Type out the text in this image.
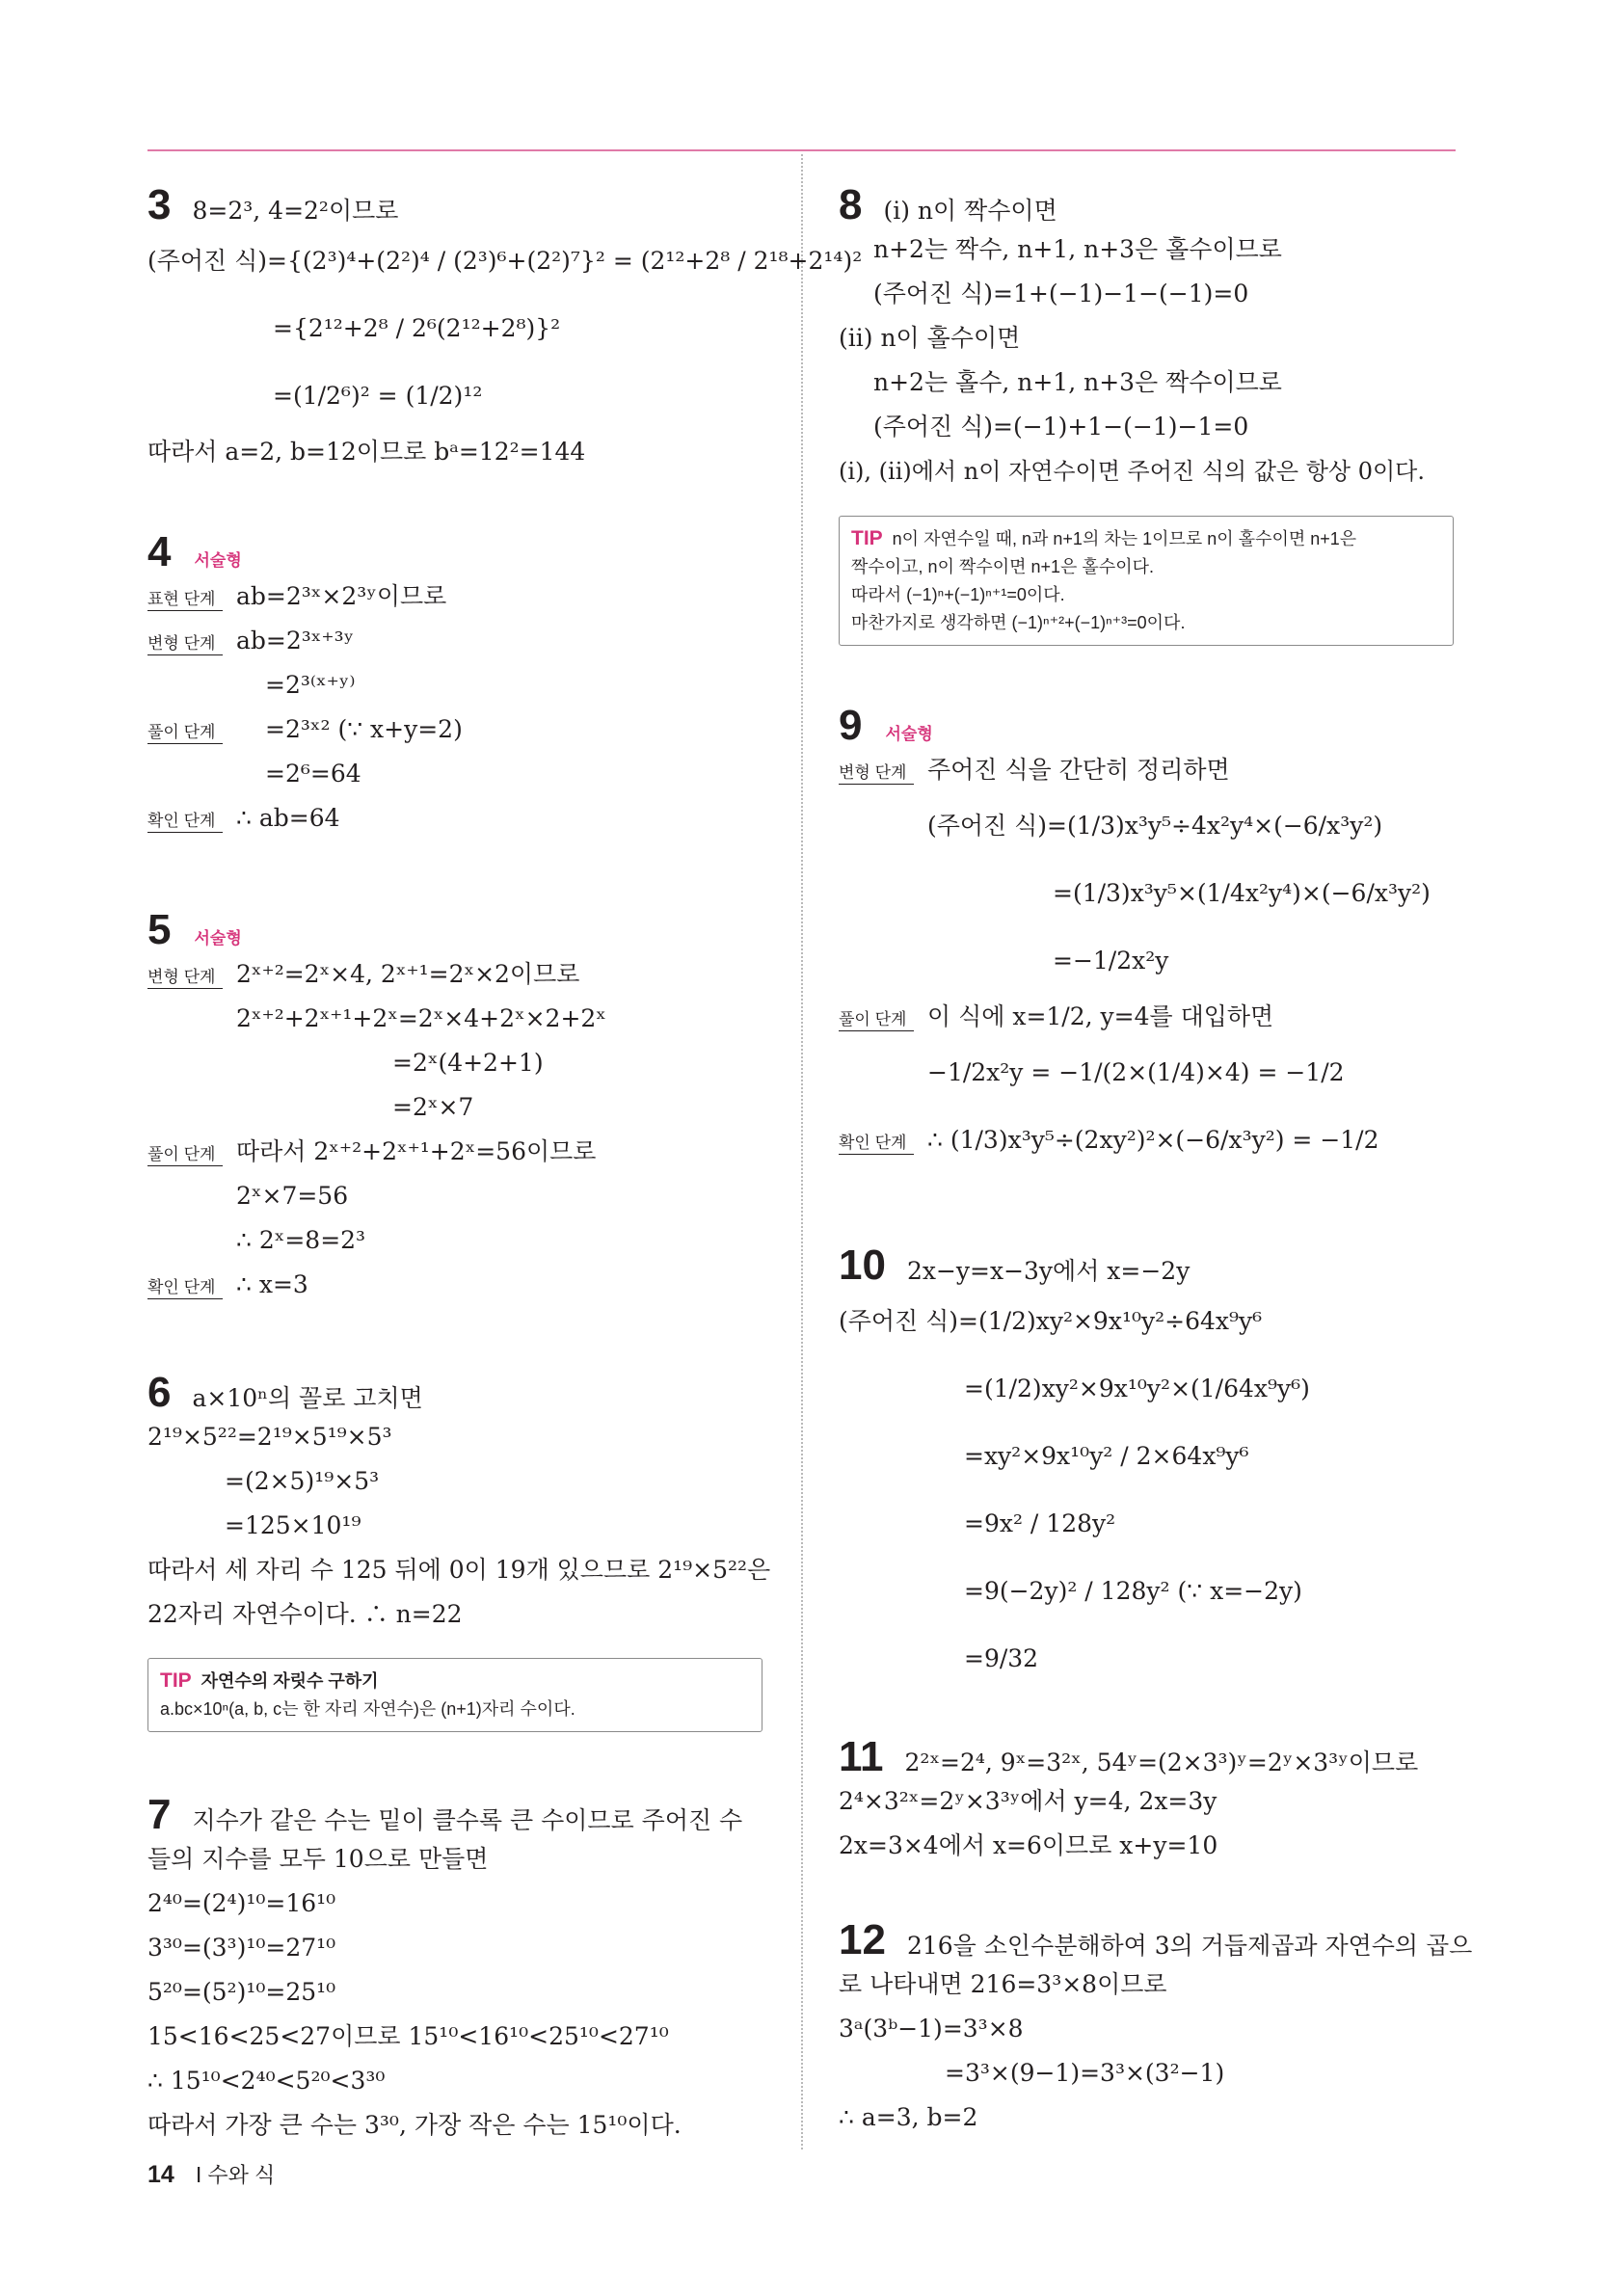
3 8=2³, 4=2²이므로
(주어진 식)={(2³)⁴+(2²)⁴ / (2³)⁶+(2²)⁷}² = (2¹²+2⁸ / 2¹⁸+2¹⁴)²
={2¹²+2⁸ / 2⁶(2¹²+2⁸)}²
=(1/2⁶)² = (1/2)¹²
따라서 a=2, b=12이므로 bᵃ=12²=144
4 서술형
표현 단계 ab=2³ˣ×2³ʸ이므로
변형 단계 ab=2³ˣ⁺³ʸ
=2³⁽ˣ⁺ʸ⁾
풀이 단계 =2³ˣ² (∵ x+y=2)
=2⁶=64
확인 단계 ∴ ab=64
5 서술형
변형 단계 2ˣ⁺²=2ˣ×4, 2ˣ⁺¹=2ˣ×2이므로
2ˣ⁺²+2ˣ⁺¹+2ˣ=2ˣ×4+2ˣ×2+2ˣ
=2ˣ(4+2+1)
=2ˣ×7
풀이 단계 따라서 2ˣ⁺²+2ˣ⁺¹+2ˣ=56이므로
2ˣ×7=56
∴ 2ˣ=8=2³
확인 단계 ∴ x=3
6 a×10ⁿ의 꼴로 고치면
2¹⁹×5²²=2¹⁹×5¹⁹×5³
=(2×5)¹⁹×5³
=125×10¹⁹
따라서 세 자리 수 125 뒤에 0이 19개 있으므로 2¹⁹×5²²은
22자리 자연수이다. ∴ n=22
TIP 자연수의 자릿수 구하기
a.bc×10ⁿ(a, b, c는 한 자리 자연수)은 (n+1)자리 수이다.
7 지수가 같은 수는 밑이 클수록 큰 수이므로 주어진 수
들의 지수를 모두 10으로 만들면
2⁴⁰=(2⁴)¹⁰=16¹⁰
3³⁰=(3³)¹⁰=27¹⁰
5²⁰=(5²)¹⁰=25¹⁰
15<16<25<27이므로 15¹⁰<16¹⁰<25¹⁰<27¹⁰
∴ 15¹⁰<2⁴⁰<5²⁰<3³⁰
따라서 가장 큰 수는 3³⁰, 가장 작은 수는 15¹⁰이다.
8 (i) n이 짝수이면
n+2는 짝수, n+1, n+3은 홀수이므로
(주어진 식)=1+(−1)−1−(−1)=0
(ii) n이 홀수이면
n+2는 홀수, n+1, n+3은 짝수이므로
(주어진 식)=(−1)+1−(−1)−1=0
(i), (ii)에서 n이 자연수이면 주어진 식의 값은 항상 0이다.
TIP n이 자연수일 때, n과 n+1의 차는 1이므로 n이 홀수이면 n+1은
짝수이고, n이 짝수이면 n+1은 홀수이다.
따라서 (−1)ⁿ+(−1)ⁿ⁺¹=0이다.
마찬가지로 생각하면 (−1)ⁿ⁺²+(−1)ⁿ⁺³=0이다.
9 서술형
변형 단계 주어진 식을 간단히 정리하면
(주어진 식)=(1/3)x³y⁵÷4x²y⁴×(−6/x³y²)
=(1/3)x³y⁵×(1/4x²y⁴)×(−6/x³y²)
=−1/2x²y
풀이 단계 이 식에 x=1/2, y=4를 대입하면
−1/2x²y = −1/(2×(1/4)×4) = −1/2
확인 단계 ∴ (1/3)x³y⁵÷(2xy²)²×(−6/x³y²) = −1/2
10 2x−y=x−3y에서 x=−2y
(주어진 식)=(1/2)xy²×9x¹⁰y²÷64x⁹y⁶
=(1/2)xy²×9x¹⁰y²×(1/64x⁹y⁶)
=xy²×9x¹⁰y² / 2×64x⁹y⁶
=9x² / 128y²
=9(−2y)² / 128y² (∵ x=−2y)
=9/32
11 2²ˣ=2⁴, 9ˣ=3²ˣ, 54ʸ=(2×3³)ʸ=2ʸ×3³ʸ이므로
2⁴×3²ˣ=2ʸ×3³ʸ에서 y=4, 2x=3y
2x=3×4에서 x=6이므로 x+y=10
12 216을 소인수분해하여 3의 거듭제곱과 자연수의 곱으
로 나타내면 216=3³×8이므로
3ᵃ(3ᵇ−1)=3³×8
=3³×(9−1)=3³×(3²−1)
∴ a=3, b=2
14 Ⅰ 수와 식
